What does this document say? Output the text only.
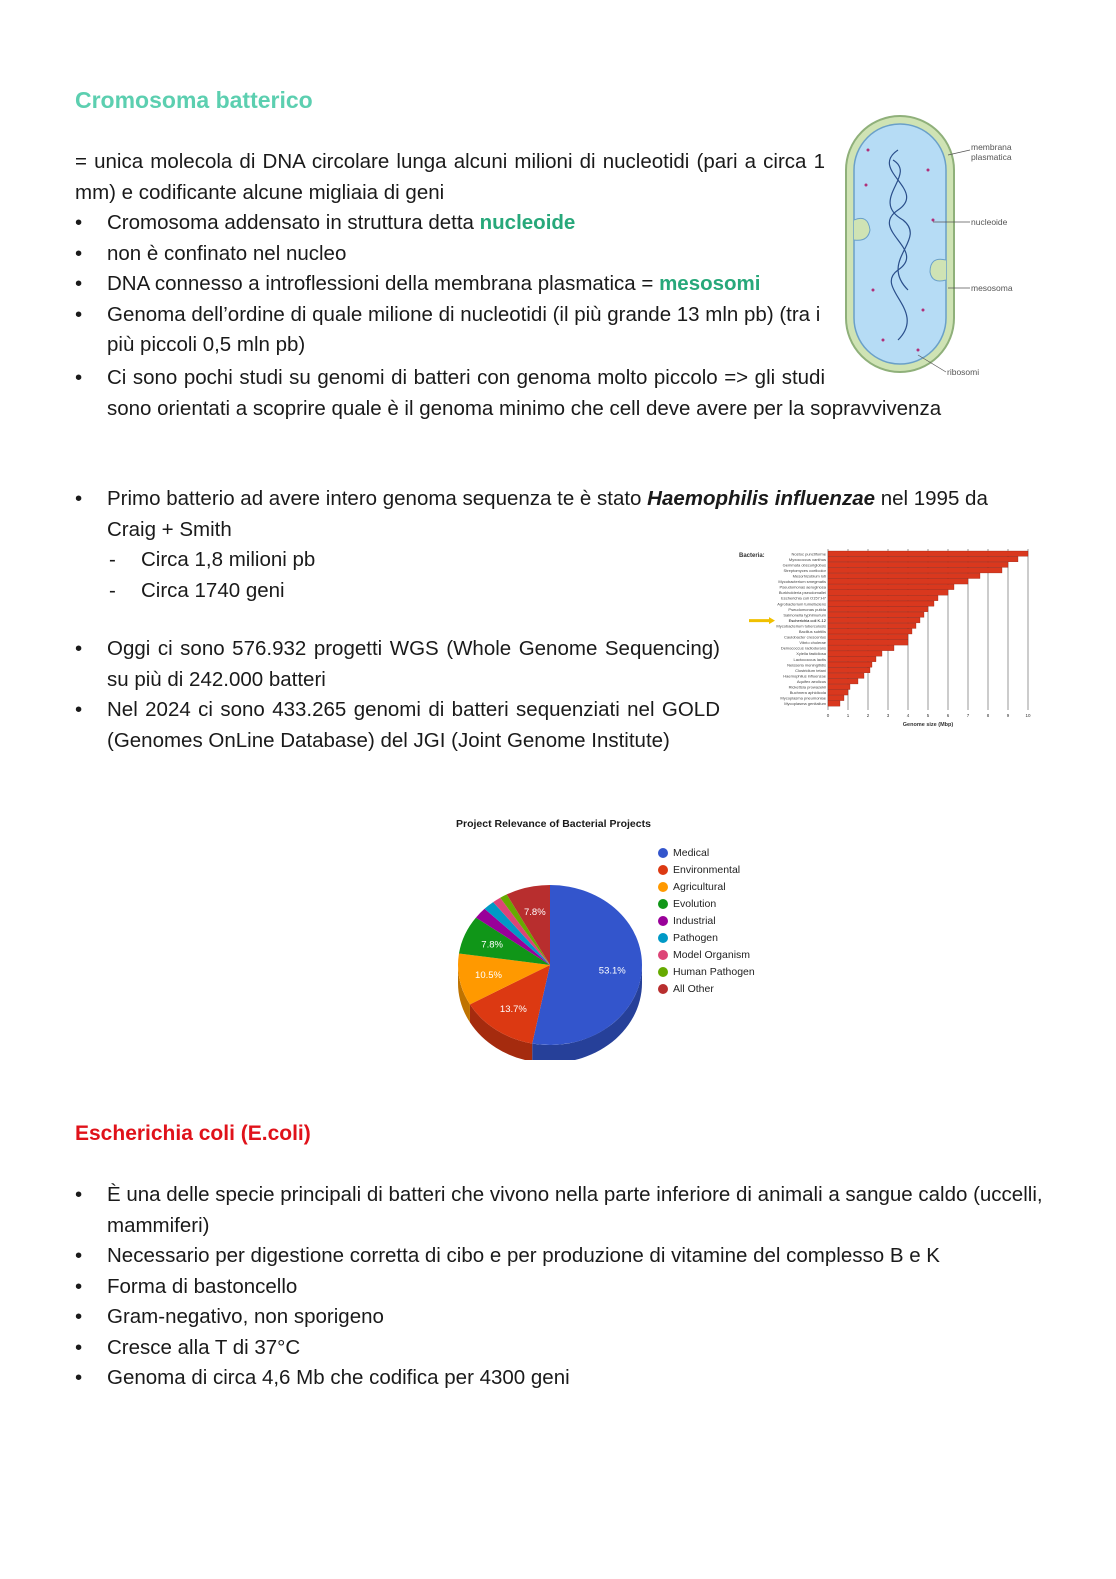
Cromosoma batterico

= unica molecola di DNA circolare lunga alcuni milioni di nucleotidi (pari a circa 1 mm) e codificante alcune migliaia di geni

• Cromosoma addensato in struttura detta nucleoide
• non è confinato nel nucleo
• DNA connesso a introflessioni della membrana plasmatica = mesosomi
• Genoma dell’ordine di quale milione di nucleotidi (il più grande 13 mln pb) (tra i più piccoli 0,5 mln pb)
• Ci sono pochi studi su genomi di batteri con genoma molto piccolo => gli studi sono orientati a scoprire quale è il genoma minimo che cell deve avere per la sopravvivenza
membrana
plasmatica
nucleoide
mesosoma
ribosomi
• Primo batterio ad avere intero genoma sequenza te è stato Haemophilis influenzae nel 1995 da Craig + Smith
- Circa 1,8 milioni pb
- Circa 1740 geni
• Oggi ci sono 576.932 progetti WGS (Whole Genome Sequencing) su più di 242.000 batteri
• Nel 2024 ci sono 433.265 genomi di batteri sequenziati nel GOLD (Genomes OnLine Database) del JGI (Joint Genome Institute)
Bacteria:
0	1	2	3	4	5	6	7	8	9	10
Nostoc punctiforme
Myxococcus xanthus
Gemmata obscuriglobus
Streptomyces coelicolor
Mesorhizobium loti
Mycobacterium smegmatis
Pseudomonas aeruginosa
Burkholderia pseudomallei
Escherichia coli O157:H7
Agrobacterium tumefaciens
Pseudomonas putida
Salmonella typhimurium
Escherichia coli K-12
Mycobacterium tuberculosis
Bacillus subtilis
Caulobacter crescentus
Vibrio cholerae
Deinococcus radiodurans
Xylella fastidiosa
Lactococcus lactis
Neisseria meningitidis
Clostridium tetani
Haemophilus influenzae
Aquifex aeolicus
Rickettsia prowazekii
Buchnera aphidicola
Mycoplasma pneumoniae
Mycoplasma genitalium
Genome size (Mbp)
Project Relevance of Bacterial Projects
53.1%
13.7%
10.5%
7.8%
7.8%
Medical
Environmental
Agricultural
Evolution
Industrial
Pathogen
Model Organism
Human Pathogen
All Other
Escherichia coli (E.coli)
• È una delle specie principali di batteri che vivono nella parte inferiore di animali a sangue caldo (uccelli, mammiferi)
• Necessario per digestione corretta di cibo e per produzione di vitamine del complesso B e K
• Forma di bastoncello
• Gram-negativo, non sporigeno
• Cresce alla T di 37°C
• Genoma di circa 4,6 Mb che codifica per 4300 geni
